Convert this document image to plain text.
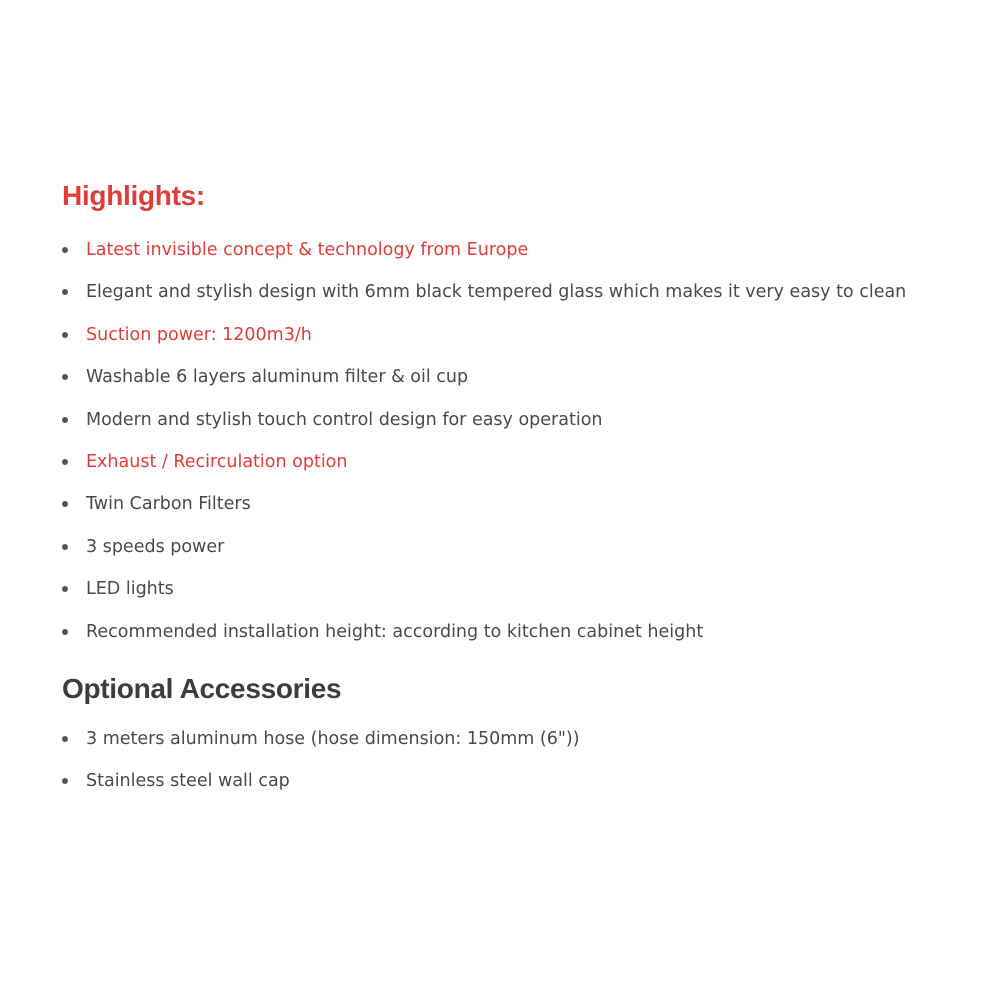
Highlights:
Latest invisible concept & technology from Europe
Elegant and stylish design with 6mm black tempered glass which makes it very easy to clean
Suction power: 1200m3/h
Washable 6 layers aluminum filter & oil cup
Modern and stylish touch control design for easy operation
Exhaust / Recirculation option
Twin Carbon Filters
3 speeds power
LED lights
Recommended installation height: according to kitchen cabinet height
Optional Accessories
3 meters aluminum hose (hose dimension: 150mm (6"))
Stainless steel wall cap
